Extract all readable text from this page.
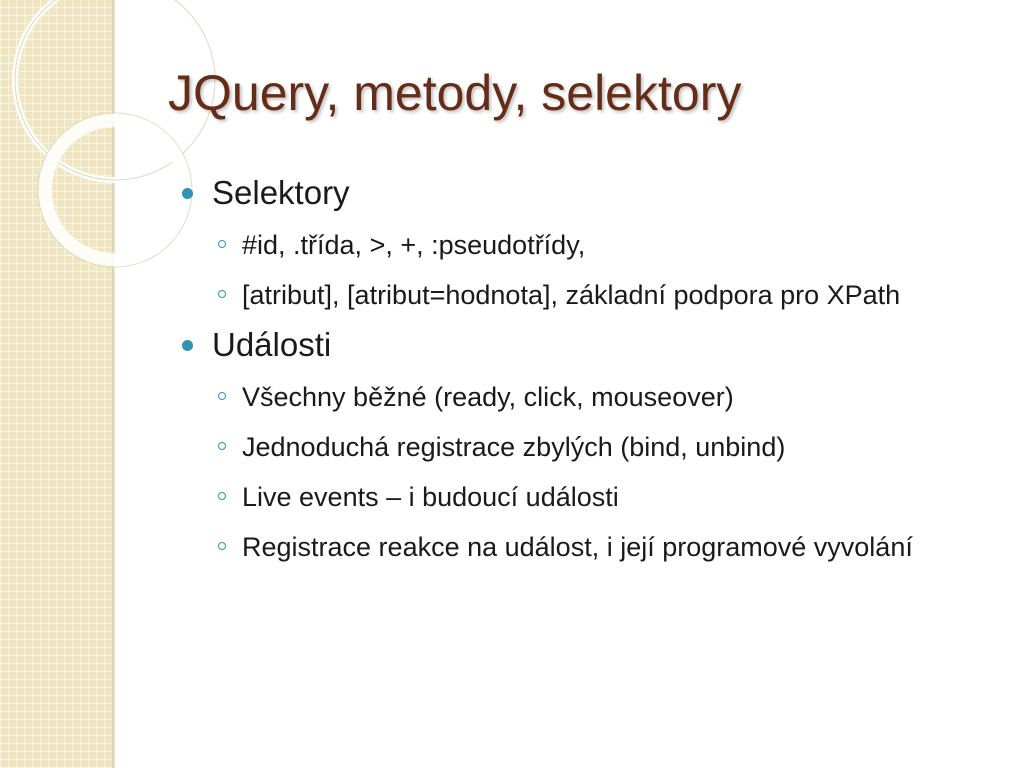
JQuery, metody, selektory
Selektory
#id, .třída, >, +, :pseudotřídy,
[atribut], [atribut=hodnota], základní podpora pro XPath
Události
Všechny běžné (ready, click, mouseover)
Jednoduchá registrace zbylých (bind, unbind)
Live events – i budoucí události
Registrace reakce na událost, i její programové vyvolání
